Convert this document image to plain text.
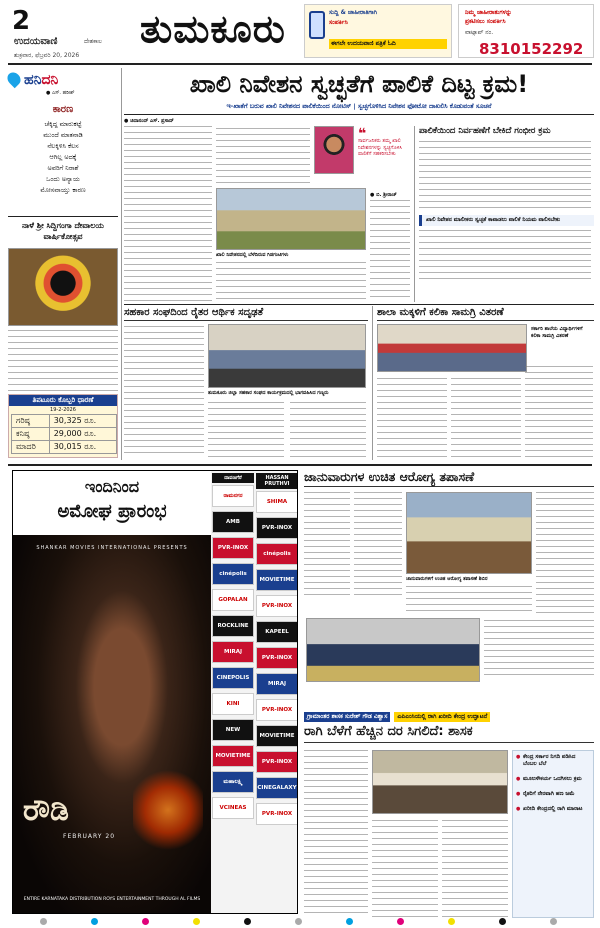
2
ಉದಯವಾಣಿ	ದೇಶಕಾಲ
ಶುಕ್ರವಾರ, ಫೆಬ್ರವರಿ 20, 2026
ತುಮಕೂರು	ಸುದ್ದಿ & ಜಾಹೀರಾತಿಗಾಗಿ
ಸಂಪರ್ಕಿಸಿ
ಈಗಲೇ ಉದಯವಾಣಿ ಪತ್ರಿಕೆ ಓದಿ
ನಿಮ್ಮ ಜಾಹೀರಾತುಗಳನ್ನು
ಪ್ರಕಟಿಸಲು ಸಂಪರ್ಕಿಸಿ
ವಾಟ್ಸಾಪ್ ನಂ.
8310152292
ಹನಿದನಿ
● ಎಸ್. ಹರೀಶ್
ಕಾರಣ
ಚೆಕ್ಕಿದ್ದ ಮಾರುಕಟ್ಟೆ
ಮುಂದೆ ಮಾತನಾಡಿ
ನೆಲಕ್ಕಿಳಿಸಿ ಕೆಲಸ
ಆಗಿಲ್ಲ ಅದಕ್ಕೆ
ಅವರಿಗೆ ನಿರಾಶೆ
ಒಂದು ಅನ್ಯಾಯ
ಮೋಸವಾಯ್ತು ಕಾರಣ
ನಾಳೆ ಶ್ರೀ ಸಿದ್ದಿಗಂಗಾ ದೇವಾಲಯ ವಾರ್ಷಿಕೋತ್ಸವ
ತಿಪಟೂರು ಕೊಬ್ಬರಿ ಧಾರಣೆ
19-2-2026
ಗರಿಷ್ಠ	30,325 ರೂ.
ಕನಿಷ್ಠ	29,000 ರೂ.
ಮಾದರಿ	30,015 ರೂ.
ಖಾಲಿ ನಿವೇಶನ ಸ್ವಚ್ಛತೆಗೆ ಪಾಲಿಕೆ ದಿಟ್ಟ ಕ್ರಮ!
ಇ-ಖಾತೆಗೆ ಬರುವ ಖಾಲಿ ನಿವೇಶನದ ಪಾಲಿಕೆಯಿಂದ ನೋಟಿಸ್ | ಸ್ವಚ್ಛಗೊಳಿಸಿದ ನಿವೇಶನ ಫೋಟೋ ದಾಖಲಿಸಿ ಕೊಡುವಂತೆ ಸೂಚನೆ
● ಚಿದಾನಂದ್ ಎಸ್. ಪ್ರಸಾದ್
ಖಾಲಿ ನಿವೇಶನದಲ್ಲಿ ಬೆಳೆದಿರುವ ಗಿಡಗಂಟಿಗಳು
❝
ಸಾರ್ವಜನಿಕರು ತಮ್ಮ ಖಾಲಿ ನಿವೇಶನಗಳನ್ನು ಸ್ವಚ್ಛಗೊಳಿಸಿ ಪಾಲಿಕೆಗೆ ಸಹಕರಿಸಬೇಕು
● ಬಿ. ಶ್ರೀರಾಜ್
ಪಾಲಿಕೆಯಿಂದ ನಿರ್ವಹಣೆಗೆ ಬೇಕಿದೆ ಗಂಭೀರ ಕ್ರಮ
ಖಾಲಿ ನಿವೇಶನ ಮಾಲೀಕರು ಸ್ವಚ್ಛತೆ ಕಾಪಾಡಲು ಪಾಲಿಕೆ ನಿಯಮ ಪಾಲಿಸಬೇಕು
ಸಹಕಾರ ಸಂಘದಿಂದ ರೈತರ ಆರ್ಥಿಕ ಸದೃಢತೆ
ತುಮಕೂರು ಜಿಲ್ಲಾ ಸಹಕಾರ ಸಂಘದ ಕಾರ್ಯಕ್ರಮದಲ್ಲಿ ಭಾಗವಹಿಸಿದ ಗಣ್ಯರು
ಶಾಲಾ ಮಕ್ಕಳಿಗೆ ಕಲಿಕಾ ಸಾಮಗ್ರಿ ವಿತರಣೆ
ಸರ್ಕಾರಿ ಶಾಲೆಯ ವಿದ್ಯಾರ್ಥಿಗಳಿಗೆ ಕಲಿಕಾ ಸಾಮಗ್ರಿ ವಿತರಣೆ
ಇಂದಿನಿಂದ
ಅಮೋಘ ಪ್ರಾರಂಭ
SHANKAR MOVIES INTERNATIONAL PRESENTS
ರೌಡಿ
FEBRUARY 20
ENTIRE KARNATAKA DISTRIBUTION ROYS ENTERTAINMENT THROUGH AL FILMS
ದಾವಣಗೆರೆ
ರಾಮನಗರ
AMB
PVR-INOX
cinépolis
GOPALAN
ROCKLINE
MIRAJ
CINEPOLIS
KINI
NEW
MOVIETIME
ಮಹಾಲಕ್ಷ್ಮಿ
VCINEAS
HASSAN PRUTHVI
SHIMA
PVR-INOX
cinépolis
MOVIETIME
PVR-INOX
KAPEEL
PVR-INOX
MIRAJ
PVR-INOX
MOVIETIME
PVR-INOX
CINEGALAXY
PVR-INOX
ಜಾನುವಾರುಗಳ ಉಚಿತ ಆರೋಗ್ಯ ತಪಾಸಣೆ
ಜಾನುವಾರುಗಳಿಗೆ ಉಚಿತ ಆರೋಗ್ಯ ತಪಾಸಣೆ ಶಿಬಿರ
ಗ್ರಾಮಾಂತರ ಶಾಸಕ ಸುರೇಶ್ ಗೌಡ ವಿಶ್ವಾಸ	ಎಪಿಎಂಸಿಯಲ್ಲಿ ರಾಗಿ ಖರೀದಿ ಕೇಂದ್ರ ಉದ್ಘಾಟನೆ
ರಾಗಿ ಬೆಳೆಗೆ ಹೆಚ್ಚಿನ ದರ ಸಿಗಲಿದೆ: ಶಾಸಕ
● ಕೇಂದ್ರ ಸರ್ಕಾರ ನಿಗದಿ ಪಡಿಸಿದ ಬೆಂಬಲ ಬೆಲೆ
● ಮೂಲಸೌಕರ್ಯ ಒದಗಿಸಲು ಕ್ರಮ
● ರೈತರಿಗೆ ನೇರವಾಗಿ ಹಣ ಜಮೆ
● ಖರೀದಿ ಕೇಂದ್ರದಲ್ಲಿ ರಾಗಿ ಮಾರಾಟ
